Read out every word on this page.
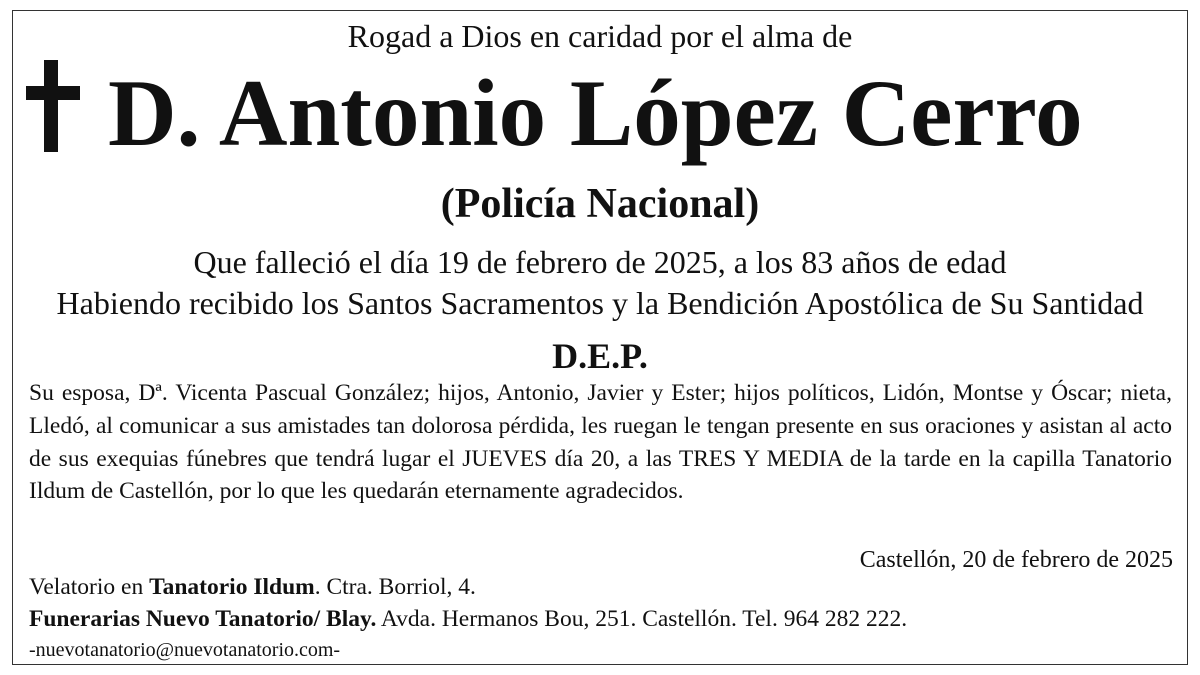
Rogad a Dios en caridad por el alma de
D. Antonio López Cerro
(Policía Nacional)
Que falleció el día 19 de febrero de 2025, a los 83 años de edad
Habiendo recibido los Santos Sacramentos y la Bendición Apostólica de Su Santidad
D.E.P.
Su esposa, Dª. Vicenta Pascual González; hijos, Antonio, Javier y Ester; hijos políticos, Lidón, Montse y Óscar; nieta, Lledó, al comunicar a sus amistades tan dolorosa pérdida, les ruegan le tengan presente en sus oraciones y asistan al acto de sus exequias fúnebres que tendrá lugar el JUEVES día 20, a las TRES Y MEDIA de la tarde en la capilla Tanatorio Ildum de Castellón, por lo que les quedarán eternamente agradecidos.
Castellón, 20 de febrero de 2025
Velatorio en Tanatorio Ildum. Ctra. Borriol, 4.
Funerarias Nuevo Tanatorio/ Blay. Avda. Hermanos Bou, 251. Castellón. Tel. 964 282 222.
-nuevotanatorio@nuevotanatorio.com-
